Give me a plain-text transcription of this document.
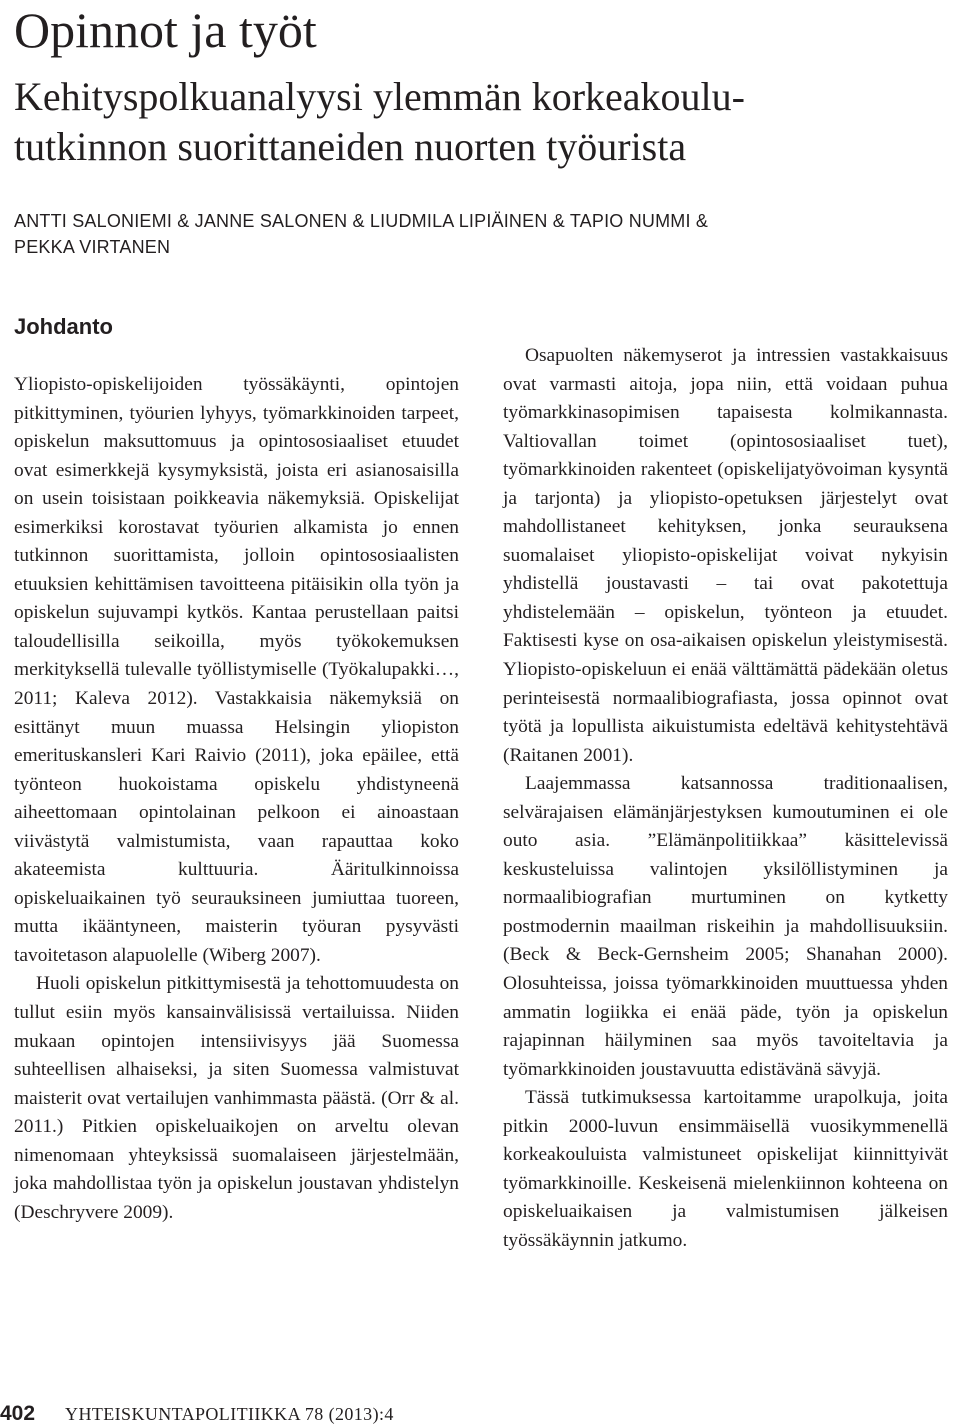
Opinnot ja työt
Kehityspolkuanalyysi ylemmän korkeakoulu-
tutkinnon suorittaneiden nuorten työurista
ANTTI SALONIEMI & JANNE SALONEN & LIUDMILA LIPIÄINEN & TAPIO NUMMI &
PEKKA VIRTANEN
Johdanto

Yliopisto-opiskelijoiden työssäkäynti, opintojen pitkittyminen, työurien lyhyys, työmarkkinoiden tarpeet, opiskelun maksuttomuus ja opintososiaaliset etuudet ovat esimerkkejä kysymyksistä, joista eri asianosaisilla on usein toisistaan poikkeavia näkemyksiä. Opiskelijat esimerkiksi korostavat työurien alkamista jo ennen tutkinnon suorittamista, jolloin opintososiaalisten etuuksien kehittämisen tavoitteena pitäisikin olla työn ja opiskelun sujuvampi kytkös. Kantaa perustellaan paitsi taloudellisilla seikoilla, myös työkokemuksen merkityksellä tulevalle työllistymiselle (Työkalupakki…, 2011; Kaleva 2012). Vastakkaisia näkemyksiä on esittänyt muun muassa Helsingin yliopiston emerituskansleri Kari Raivio (2011), joka epäilee, että työnteon huokoistama opiskelu yhdistyneenä aiheettomaan opintolainan pelkoon ei ainoastaan viivästytä valmistumista, vaan rapauttaa koko akateemista kulttuuria. Ääritulkinnoissa opiskeluaikainen työ seurauksineen jumiuttaa tuoreen, mutta ikääntyneen, maisterin työuran pysyvästi tavoitetason alapuolelle (Wiberg 2007).

Huoli opiskelun pitkittymisestä ja tehottomuudesta on tullut esiin myös kansainvälisissä vertailuissa. Niiden mukaan opintojen intensiivisyys jää Suomessa suhteellisen alhaiseksi, ja siten Suomessa valmistuvat maisterit ovat vertailujen vanhimmasta päästä. (Orr & al. 2011.) Pitkien opiskeluaikojen on arveltu olevan nimenomaan yhteyksissä suomalaiseen järjestelmään, joka mahdollistaa työn ja opiskelun joustavan yhdistelyn (Deschryvere 2009).

Osapuolten näkemyserot ja intressien vastakkaisuus ovat varmasti aitoja, jopa niin, että voidaan puhua työmarkkinasopimisen tapaisesta kolmikannasta. Valtiovallan toimet (opintososiaaliset tuet), työmarkkinoiden rakenteet (opiskelijatyövoiman kysyntä ja tarjonta) ja yliopisto-opetuksen järjestelyt ovat mahdollistaneet kehityksen, jonka seurauksena suomalaiset yliopisto-opiskelijat voivat nykyisin yhdistellä joustavasti – tai ovat pakotettuja yhdistelemään – opiskelun, työnteon ja etuudet. Faktisesti kyse on osa-aikaisen opiskelun yleistymisestä. Yliopisto-opiskeluun ei enää välttämättä pädekään oletus perinteisestä normaalibiografiasta, jossa opinnot ovat työtä ja lopullista aikuistumista edeltävä kehitystehtävä (Raitanen 2001).

Laajemmassa katsannossa traditionaalisen, selvärajaisen elämänjärjestyksen kumoutuminen ei ole outo asia. ”Elämänpolitiikkaa” käsittelevissä keskusteluissa valintojen yksilöllistyminen ja normaalibiografian murtuminen on kytketty postmodernin maailman riskeihin ja mahdollisuuksiin. (Beck & Beck-Gernsheim 2005; Shanahan 2000). Olosuhteissa, joissa työmarkkinoiden muuttuessa yhden ammatin logiikka ei enää päde, työn ja opiskelun rajapinnan häilyminen saa myös tavoiteltavia ja työmarkkinoiden joustavuutta edistävänä sävyjä.

Tässä tutkimuksessa kartoitamme urapolkuja, joita pitkin 2000-luvun ensimmäisellä vuosikymmenellä korkeakouluista valmistuneet opiskelijat kiinnittyivät työmarkkinoille. Keskeisenä mielenkiinnon kohteena on opiskeluaikaisen ja valmistumisen jälkeisen työssäkäynnin jatkumo.

402 YHTEISKUNTAPOLITIIKKA 78 (2013):4
